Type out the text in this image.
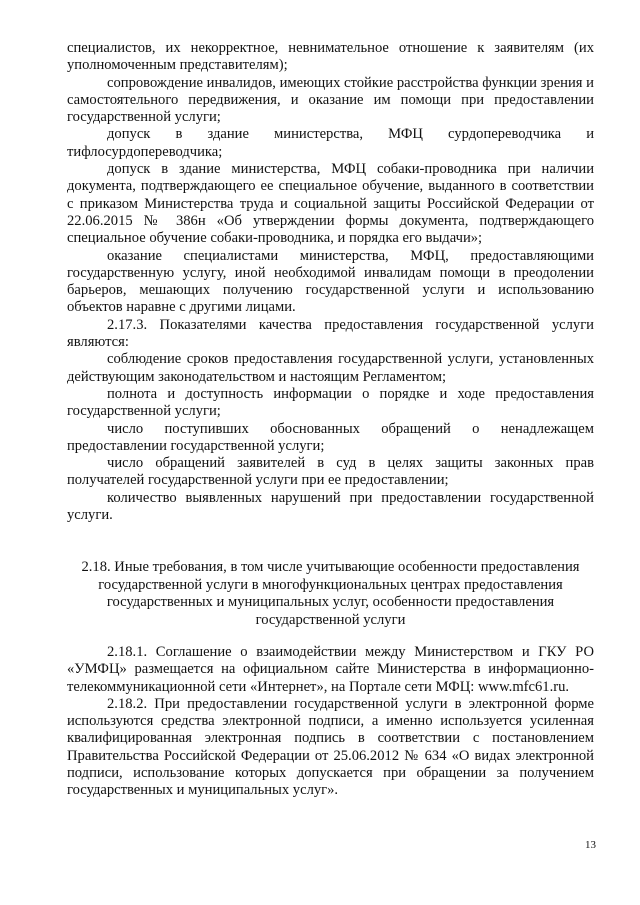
специалистов, их некорректное, невнимательное отношение к заявителям (их уполномоченным представителям);

сопровождение инвалидов, имеющих стойкие расстройства функции зрения и самостоятельного передвижения, и оказание им помощи при предоставлении государственной услуги;

допуск в здание министерства, МФЦ сурдопереводчика и тифлосурдопереводчика;

допуск в здание министерства, МФЦ собаки-проводника при наличии документа, подтверждающего ее специальное обучение, выданного в соответствии с приказом Министерства труда и социальной защиты Российской Федерации от 22.06.2015 № 386н «Об утверждении формы документа, подтверждающего специальное обучение собаки-проводника, и порядка его выдачи»;

оказание специалистами министерства, МФЦ, предоставляющими государственную услугу, иной необходимой инвалидам помощи в преодолении барьеров, мешающих получению государственной услуги и использованию объектов наравне с другими лицами.

2.17.3. Показателями качества предоставления государственной услуги являются:

соблюдение сроков предоставления государственной услуги, установленных действующим законодательством и настоящим Регламентом;

полнота и доступность информации о порядке и ходе предоставления государственной услуги;

число поступивших обоснованных обращений о ненадлежащем предоставлении государственной услуги;

число обращений заявителей в суд в целях защиты законных прав получателей государственной услуги при ее предоставлении;

количество выявленных нарушений при предоставлении государственной услуги.

2.18. Иные требования, в том числе учитывающие особенности предоставления государственной услуги в многофункциональных центрах предоставления государственных и муниципальных услуг, особенности предоставления государственной услуги

2.18.1. Соглашение о взаимодействии между Министерством и ГКУ РО «УМФЦ» размещается на официальном сайте Министерства в информационно-телекоммуникационной сети «Интернет», на Портале сети МФЦ: www.mfc61.ru.

2.18.2. При предоставлении государственной услуги в электронной форме используются средства электронной подписи, а именно используется усиленная квалифицированная электронная подпись в соответствии с постановлением Правительства Российской Федерации от 25.06.2012 № 634 «О видах электронной подписи, использование которых допускается при обращении за получением государственных и муниципальных услуг».

13
